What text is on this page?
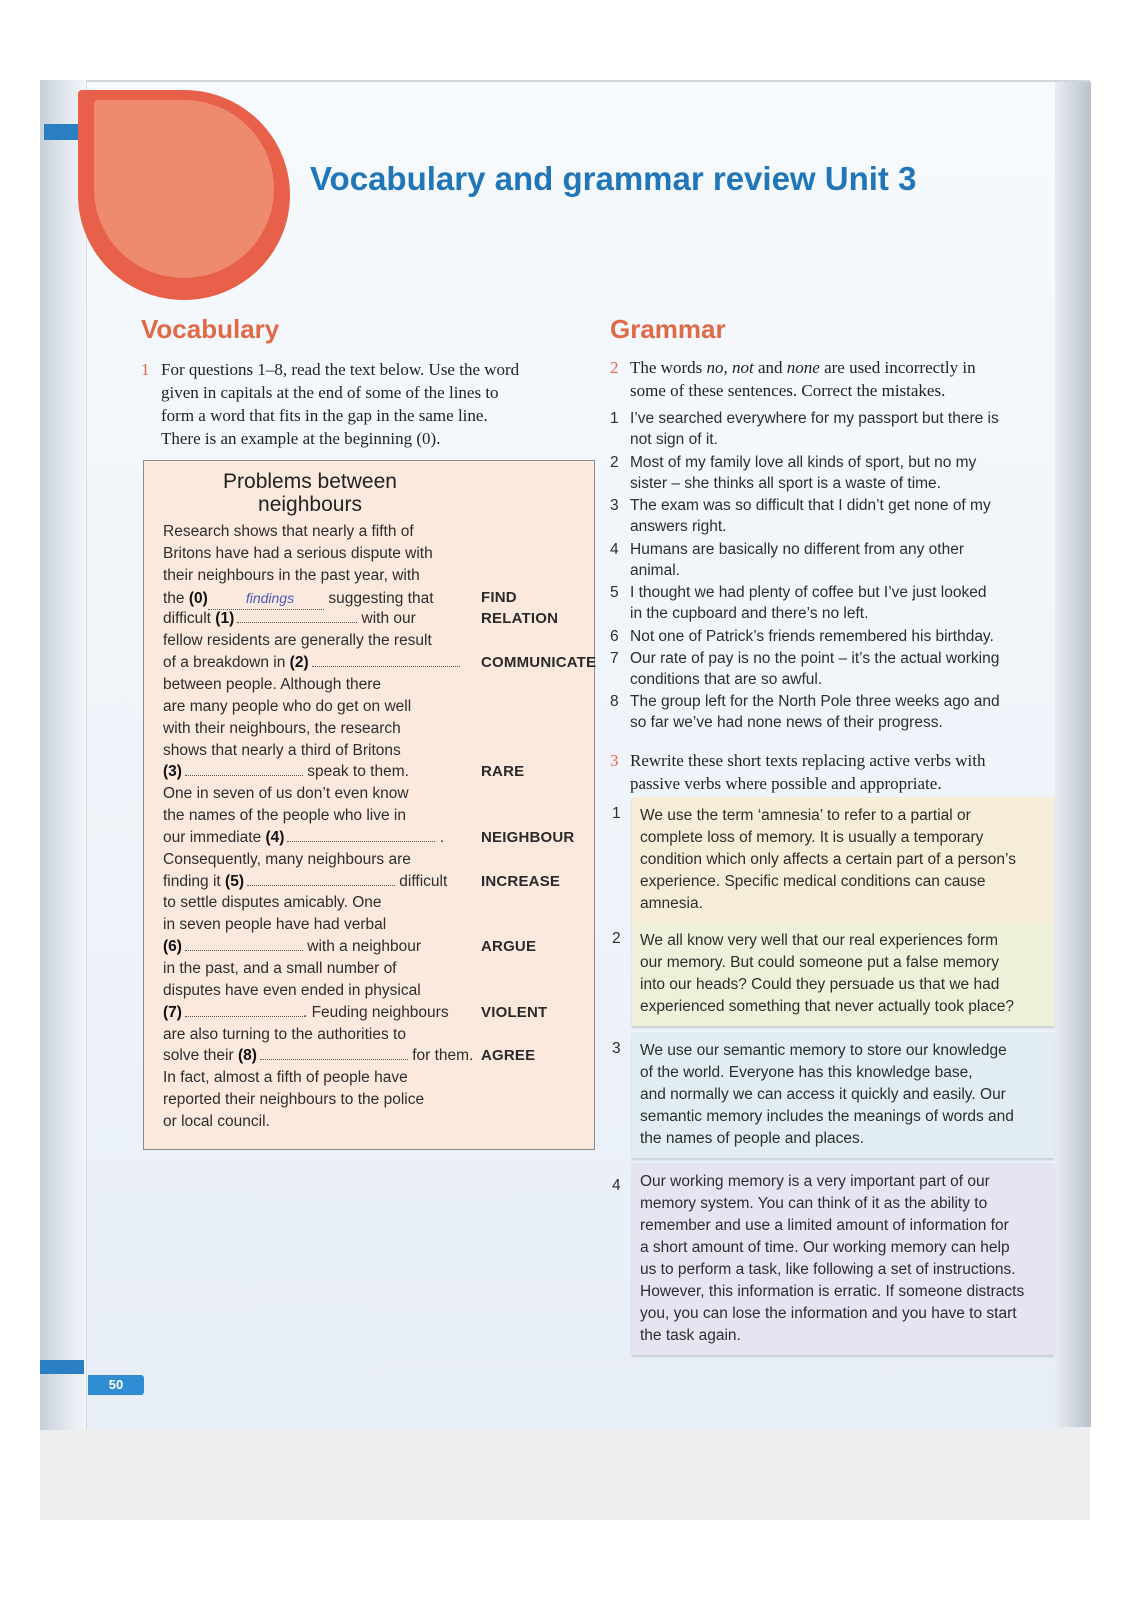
50
Vocabulary and grammar review Unit 3
Vocabulary
1 For questions 1–8, read the text below. Use the word
given in capitals at the end of some of the lines to
form a word that fits in the gap in the same line.
There is an example at the beginning (0).
Problems between
neighbours
Research shows that nearly a fifth of
Britons have had a serious dispute with
their neighbours in the past year, with
the (0)	findings suggesting that	FIND
difficult (1)	with our	RELATION
fellow residents are generally the result
of a breakdown in (2)	COMMUNICATE
between people. Although there
are many people who do get on well
with their neighbours, the research
shows that nearly a third of Britons
(3)	speak to them.	RARE
One in seven of us don’t even know
the names of the people who live in
our immediate (4)	. NEIGHBOUR
Consequently, many neighbours are
finding it (5)	difficult INCREASE
to settle disputes amicably. One
in seven people have had verbal
(6)	with a neighbour	ARGUE
in the past, and a small number of
disputes have even ended in physical
(7)	. Feuding neighbours VIOLENT
are also turning to the authorities to
solve their (8)	for them. AGREE
In fact, almost a fifth of people have
reported their neighbours to the police
or local council.
Grammar
2 The words no, not and none are used incorrectly in
some of these sentences. Correct the mistakes.
1 I’ve searched everywhere for my passport but there is
not sign of it.
2 Most of my family love all kinds of sport, but no my
sister – she thinks all sport is a waste of time.
3 The exam was so difficult that I didn’t get none of my
answers right.
4 Humans are basically no different from any other
animal.
5 I thought we had plenty of coffee but I’ve just looked
in the cupboard and there’s no left.
6 Not one of Patrick’s friends remembered his birthday.
7 Our rate of pay is no the point – it’s the actual working
conditions that are so awful.
8 The group left for the North Pole three weeks ago and
so far we’ve had none news of their progress.
3 Rewrite these short texts replacing active verbs with
passive verbs where possible and appropriate.
1 We use the term ‘amnesia’ to refer to a partial or
complete loss of memory. It is usually a temporary
condition which only affects a certain part of a person’s
experience. Specific medical conditions can cause
amnesia.
2 We all know very well that our real experiences form
our memory. But could someone put a false memory
into our heads? Could they persuade us that we had
experienced something that never actually took place?
3 We use our semantic memory to store our knowledge
of the world. Everyone has this knowledge base,
and normally we can access it quickly and easily. Our
semantic memory includes the meanings of words and
the names of people and places.
4 Our working memory is a very important part of our
memory system. You can think of it as the ability to
remember and use a limited amount of information for
a short amount of time. Our working memory can help
us to perform a task, like following a set of instructions.
However, this information is erratic. If someone distracts
you, you can lose the information and you have to start
the task again.
